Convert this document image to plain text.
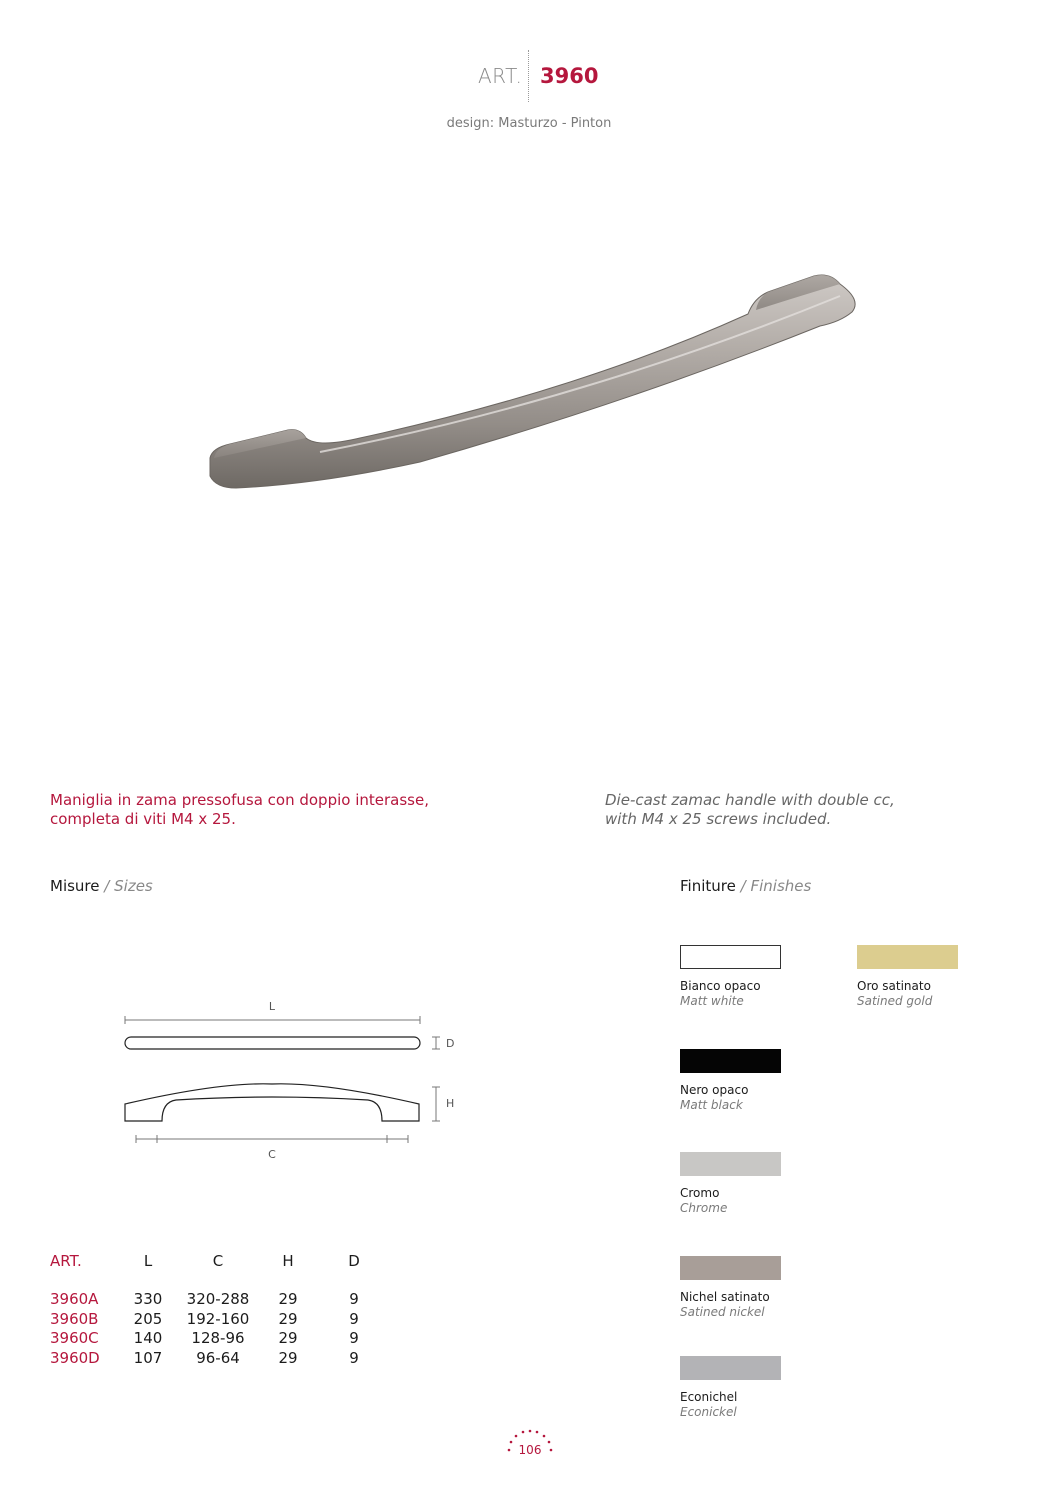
ART. 3960
design: Masturzo - Pinton
Maniglia in zama pressofusa con doppio interasse,
completa di viti M4 x 25.
Die-cast zamac handle with double cc,
with M4 x 25 screws included.
Misure / Sizes	Finiture / Finishes
L
D
H
C
ART.	L	C	H	D
3960A	330	320-288	29	9
3960B	205	192-160	29	9
3960C	140	128-96	29	9
3960D	107	96-64	29	9
Bianco opaco
Matt white
Oro satinato
Satined gold
Nero opaco
Matt black
Cromo
Chrome
Nichel satinato
Satined nickel
Econichel
Econickel
106
